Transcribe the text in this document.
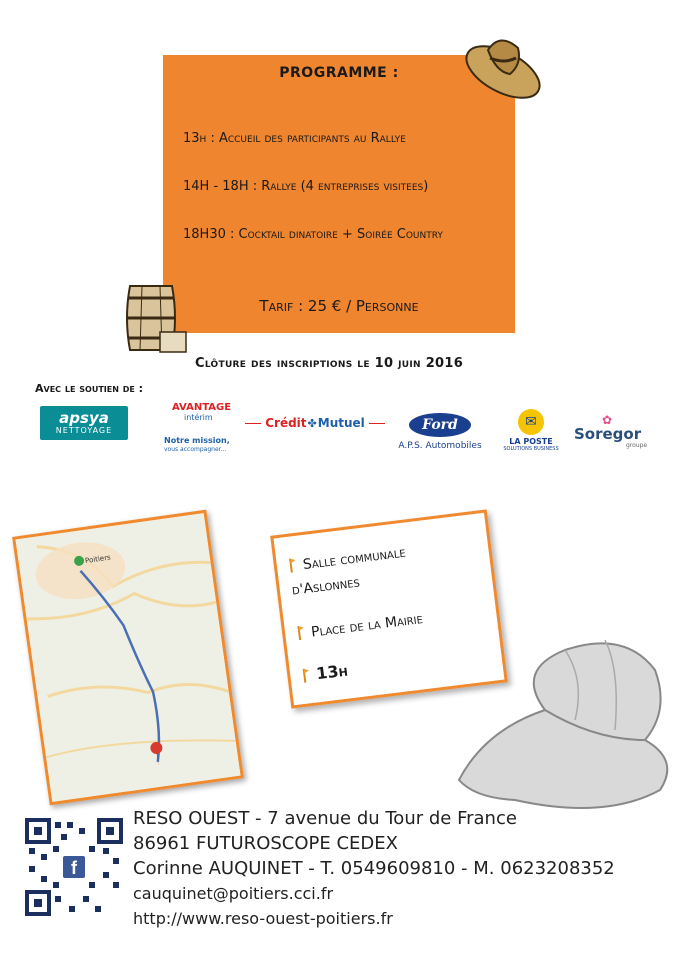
PROGRAMME :
13h : Accueil des participants au Rallye
14H - 18H : Rallye (4 entreprises visitees)
18H30 : Cocktail dinatoire + Soirée Country
Tarif : 25 € / Personne
Clôture des inscriptions le 10 juin 2016
Avec le soutien de :
apsya
NETTOYAGE
AVANTAGE
intérim
Notre mission,
vous accompagner...
Crédit ✤ Mutuel	Ford
A.P.S. Automobiles
✉
LA POSTE
SOLUTIONS BUSINESS
✿
Soregor
groupe
Poitiers	Salle communale
d'Aslonnes
Place de la Mairie
13h
f
RESO OUEST - 7 avenue du Tour de France
86961 FUTUROSCOPE CEDEX
Corinne AUQUINET - T. 0549609810 - M. 0623208352
cauquinet@poitiers.cci.fr
http://www.reso-ouest-poitiers.fr
